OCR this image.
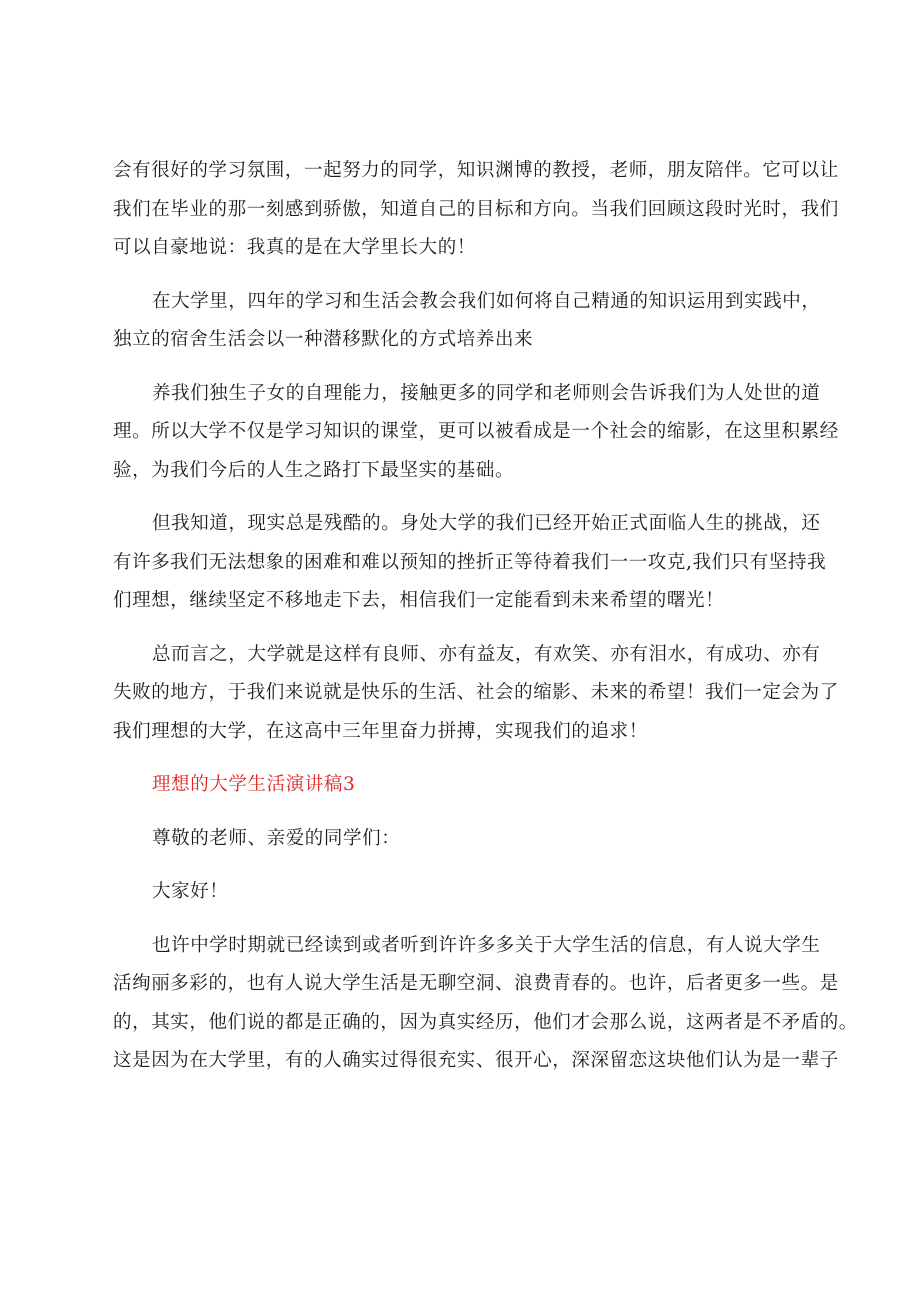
会有很好的学习氛围，一起努力的同学，知识渊博的教授，老师，朋友陪伴。它可以让
我们在毕业的那一刻感到骄傲，知道自己的目标和方向。当我们回顾这段时光时，我们
可以自豪地说：我真的是在大学里长大的！

在大学里，四年的学习和生活会教会我们如何将自己精通的知识运用到实践中，
独立的宿舍生活会以一种潜移默化的方式培养出来

养我们独生子女的自理能力，接触更多的同学和老师则会告诉我们为人处世的道
理。所以大学不仅是学习知识的课堂，更可以被看成是一个社会的缩影，在这里积累经
验，为我们今后的人生之路打下最坚实的基础。

但我知道，现实总是残酷的。身处大学的我们已经开始正式面临人生的挑战，还
有许多我们无法想象的困难和难以预知的挫折正等待着我们一一攻克,我们只有坚持我
们理想，继续坚定不移地走下去，相信我们一定能看到未来希望的曙光！

总而言之，大学就是这样有良师、亦有益友，有欢笑、亦有泪水，有成功、亦有
失败的地方，于我们来说就是快乐的生活、社会的缩影、未来的希望！我们一定会为了
我们理想的大学，在这高中三年里奋力拼搏，实现我们的追求！

理想的大学生活演讲稿3

尊敬的老师、亲爱的同学们：

大家好！

也许中学时期就已经读到或者听到许许多多关于大学生活的信息，有人说大学生
活绚丽多彩的，也有人说大学生活是无聊空洞、浪费青春的。也许，后者更多一些。是
的，其实，他们说的都是正确的，因为真实经历，他们才会那么说，这两者是不矛盾的。
这是因为在大学里，有的人确实过得很充实、很开心，深深留恋这块他们认为是一辈子
